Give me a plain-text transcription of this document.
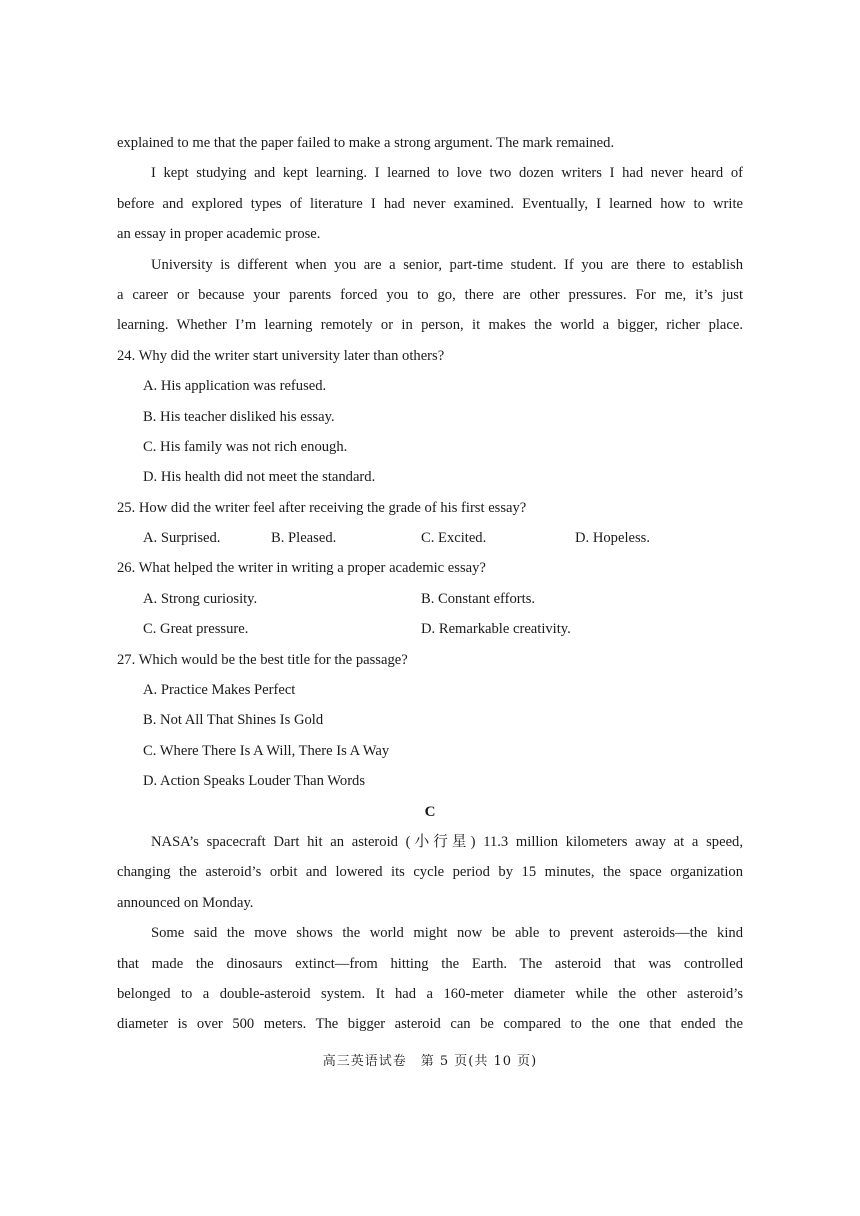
explained to me that the paper failed to make a strong argument. The mark remained.
I kept studying and kept learning. I learned to love two dozen writers I had never heard of
before and explored types of literature I had never examined. Eventually, I learned how to write
an essay in proper academic prose.
University is different when you are a senior, part-time student. If you are there to establish
a career or because your parents forced you to go, there are other pressures. For me, it’s just
learning. Whether I’m learning remotely or in person, it makes the world a bigger, richer place.
24. Why did the writer start university later than others?
A. His application was refused.
B. His teacher disliked his essay.
C. His family was not rich enough.
D. His health did not meet the standard.
25. How did the writer feel after receiving the grade of his first essay?
A. Surprised.	B. Pleased.	C. Excited.	D. Hopeless.
26. What helped the writer in writing a proper academic essay?
A. Strong curiosity.	B. Constant efforts.
C. Great pressure.	D. Remarkable creativity.
27. Which would be the best title for the passage?
A. Practice Makes Perfect
B. Not All That Shines Is Gold
C. Where There Is A Will, There Is A Way
D. Action Speaks Louder Than Words
C
NASA’s spacecraft Dart hit an asteroid (小行星) 11.3 million kilometers away at a speed,
changing the asteroid’s orbit and lowered its cycle period by 15 minutes, the space organization
announced on Monday.
Some said the move shows the world might now be able to prevent asteroids—the kind
that made the dinosaurs extinct—from hitting the Earth. The asteroid that was controlled
belonged to a double-asteroid system. It had a 160-meter diameter while the other asteroid’s
diameter is over 500 meters. The bigger asteroid can be compared to the one that ended the
高三英语试卷　第 5 页(共 10 页)
